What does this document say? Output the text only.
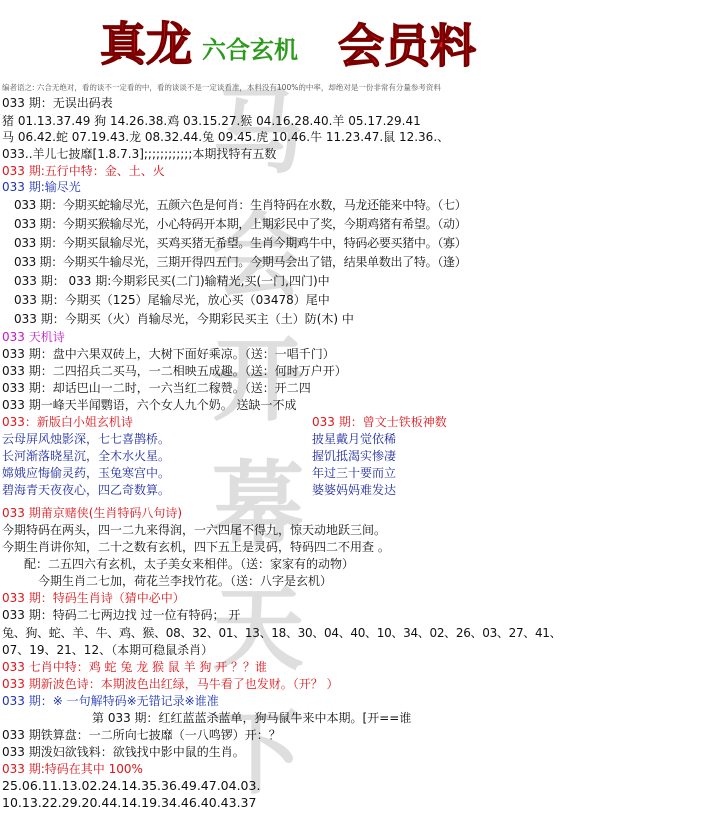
真龙 六合玄机 会员料
马
会
开
幕
天
下
编者语之: 六合无绝对，看的谈不一定看的中，看的谈谈不是一定谈看准，本料没有100%的中率，却绝对是一份非常有分量参考资料
033 期：无误出码表
猪 01.13.37.49 狗 14.26.38.鸡 03.15.27.猴 04.16.28.40.羊 05.17.29.41
马 06.42.蛇 07.19.43.龙 08.32.44.兔 09.45.虎 10.46.牛 11.23.47.鼠 12.36.、
033..羊儿七披靡[1.8.7.3];;;;;;;;;;;;本期找特有五数
033 期:五行中特：金、土、火
033 期:输尽光
033 期：今期买蛇输尽光，五颜六色是何肖：生肖特码在水数，马龙还能来中特。（七）
033 期：今期买猴输尽光，小心特码开本期，上期彩民中了奖，今期鸡猪有希望。（动）
033 期：今期买鼠输尽光，买鸡买猪无希望。生肖今期鸡牛中，特码必要买猪中。（寡）
033 期：今期买牛输尽光，三期开得四五门。今期马会出了错，结果单数出了特。（逢）
033 期： 033 期:今期彩民买(二门)输精光,买(一门,四门)中
033 期：今期买（125）尾输尽光，放心买（03478）尾中
033 期：今期买（火）肖输尽光，今期彩民买主（土）防(木) 中
033 天机诗
033 期：盘中六果双砖上，大树下面好乘凉。（送：一唱千门）
033 期：二四招兵二买马，一二相映五成趣。（送：何时万户开）
033 期：却话巴山一二时，一六当红二稼赞。（送：开二四
033 期一峰天半闻鹦语，六个女人九个奶。 送缺一不成
033：新版白小姐玄机诗	033 期：曾文士铁板神数
云母屏风烛影深，七七喜鹊桥。
长河渐落晓星沉，全木水火星。
嫦娥应悔偷灵药，玉兔寒宫中。
碧海青天夜夜心，四乙奇数算。
披星戴月觉依稀
握饥抵渴实惨凄
年过三十要而立
婆婆妈妈难发达
033 期莆京赌侠(生肖特码八句诗)
今期特码在两头，四一二九来得润，一六四尾不得九，惊天动地跃三间。
今期生肖讲你知，二十之数有玄机，四下五上是灵码，特码四二不用查 。
配：二五四六有玄机，太子美女来相伴。（送：家家有的动物）
今期生肖二七加，荷花兰李找竹花。（送：八字是玄机）
033 期：特码生肖诗（猜中必中）
033 期：特码二七两边找 过一位有特码； 开
兔、狗、蛇、羊、牛、鸡、猴、08、32、01、13、18、30、04、40、10、34、02、26、03、27、41、
07、19、21、12、（本期可稳鼠杀肖）
033 七肖中特：鸡 蛇 兔 龙 猴 鼠 羊 狗 开 ？？谁
033 期新波色诗：本期波色出红绿，马牛看了也发财。（开？ ）
033 期：※ 一句解特码※无错记录※谁准
第 033 期：红红蓝蓝杀蓝单，狗马鼠牛来中本期。[开==谁
033 期铁算盘：一二所向七披靡（一八鸣锣）开：？
033 期泼妇欲钱料：欲钱找中影中鼠的生肖。
033 期:特码在其中 100%
25.06.11.13.02.24.14.35.36.49.47.04.03.
10.13.22.29.20.44.14.19.34.46.40.43.37
